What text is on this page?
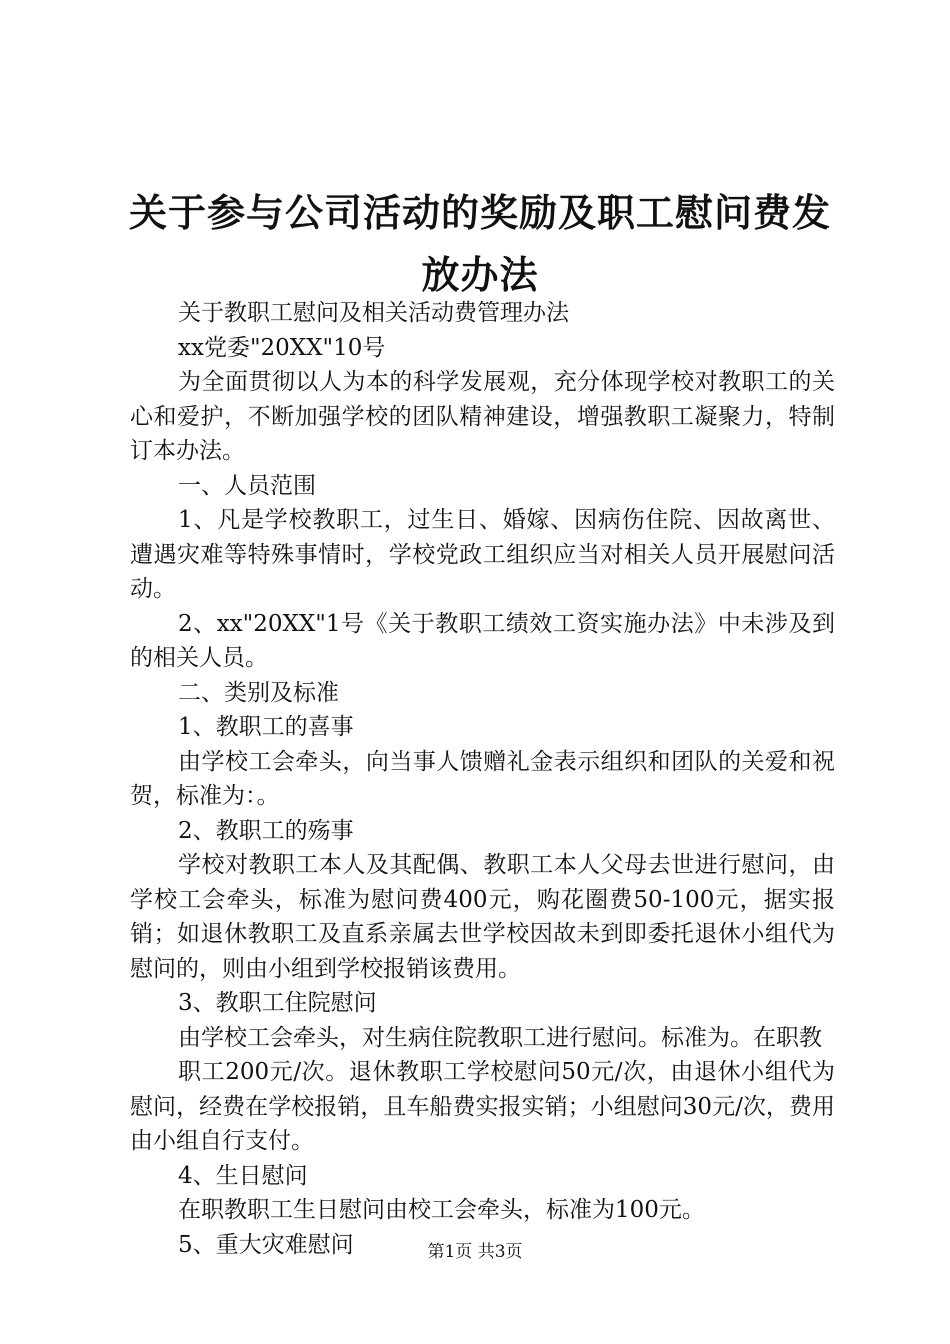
关于参与公司活动的奖励及职工慰问费发放办法

关于教职工慰问及相关活动费管理办法

xx党委"20XX"10号

为全面贯彻以人为本的科学发展观，充分体现学校对教职工的关心和爱护，不断加强学校的团队精神建设，增强教职工凝聚力，特制订本办法。

一、人员范围

1、凡是学校教职工，过生日、婚嫁、因病伤住院、因故离世、遭遇灾难等特殊事情时，学校党政工组织应当对相关人员开展慰问活动。

2、xx"20XX"1号《关于教职工绩效工资实施办法》中未涉及到的相关人员。

二、类别及标准

1、教职工的喜事

由学校工会牵头，向当事人馈赠礼金表示组织和团队的关爱和祝贺，标准为：。

2、教职工的殇事

学校对教职工本人及其配偶、教职工本人父母去世进行慰问，由学校工会牵头，标准为慰问费400元，购花圈费50-100元，据实报销；如退休教职工及直系亲属去世学校因故未到即委托退休小组代为慰问的，则由小组到学校报销该费用。

3、教职工住院慰问

由学校工会牵头，对生病住院教职工进行慰问。标准为。在职教

职工200元/次。退休教职工学校慰问50元/次，由退休小组代为慰问，经费在学校报销，且车船费实报实销；小组慰问30元/次，费用由小组自行支付。

4、生日慰问

在职教职工生日慰问由校工会牵头，标准为100元。

5、重大灾难慰问	第1页 共3页
